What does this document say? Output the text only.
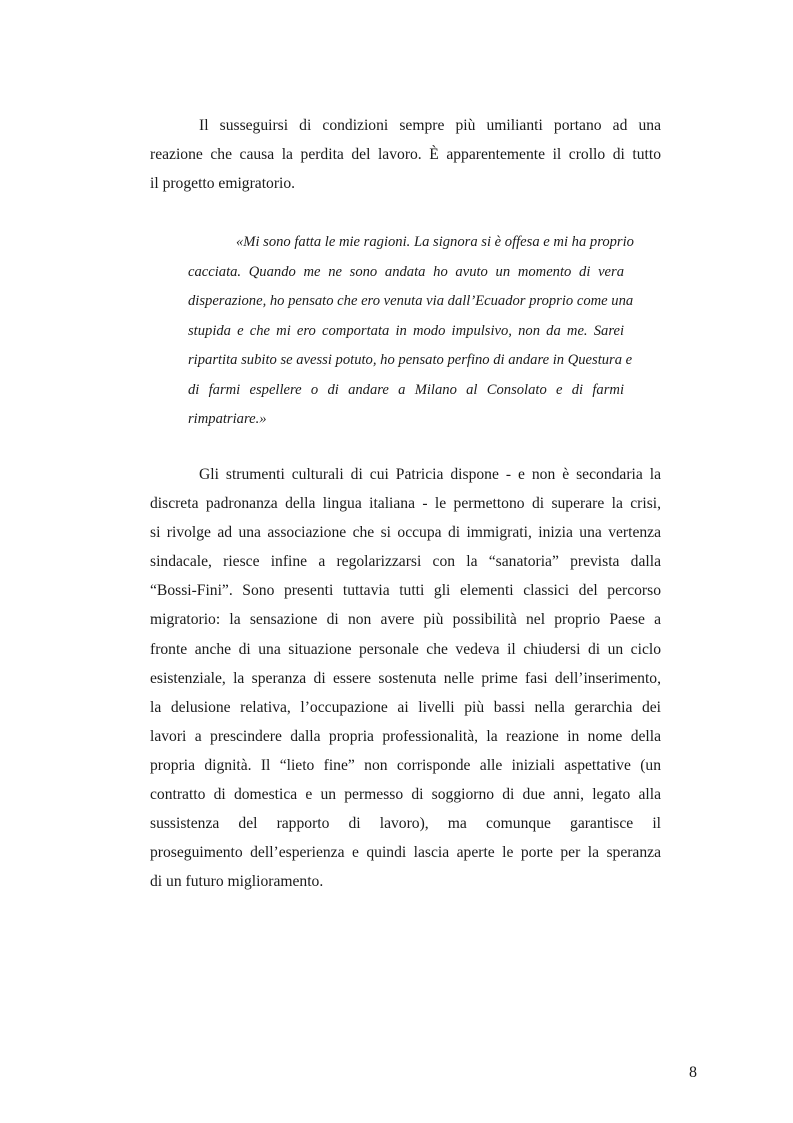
Il susseguirsi di condizioni sempre più umilianti portano ad una
reazione che causa la perdita del lavoro. È apparentemente il crollo di tutto
il progetto emigratorio.

«Mi sono fatta le mie ragioni. La signora si è offesa e mi ha proprio
cacciata. Quando me ne sono andata ho avuto un momento di vera
disperazione, ho pensato che ero venuta via dall’Ecuador proprio come una
stupida e che mi ero comportata in modo impulsivo, non da me. Sarei
ripartita subito se avessi potuto, ho pensato perfino di andare in Questura e
di farmi espellere o di andare a Milano al Consolato e di farmi
rimpatriare.»

Gli strumenti culturali di cui Patricia dispone - e non è secondaria la
discreta padronanza della lingua italiana - le permettono di superare la crisi,
si rivolge ad una associazione che si occupa di immigrati, inizia una vertenza
sindacale, riesce infine a regolarizzarsi con la “sanatoria” prevista dalla
“Bossi-Fini”. Sono presenti tuttavia tutti gli elementi classici del percorso
migratorio: la sensazione di non avere più possibilità nel proprio Paese a
fronte anche di una situazione personale che vedeva il chiudersi di un ciclo
esistenziale, la speranza di essere sostenuta nelle prime fasi dell’inserimento,
la delusione relativa, l’occupazione ai livelli più bassi nella gerarchia dei
lavori a prescindere dalla propria professionalità, la reazione in nome della
propria dignità. Il “lieto fine” non corrisponde alle iniziali aspettative (un
contratto di domestica e un permesso di soggiorno di due anni, legato alla
sussistenza del rapporto di lavoro), ma comunque garantisce il
proseguimento dell’esperienza e quindi lascia aperte le porte per la speranza
di un futuro miglioramento.

8
